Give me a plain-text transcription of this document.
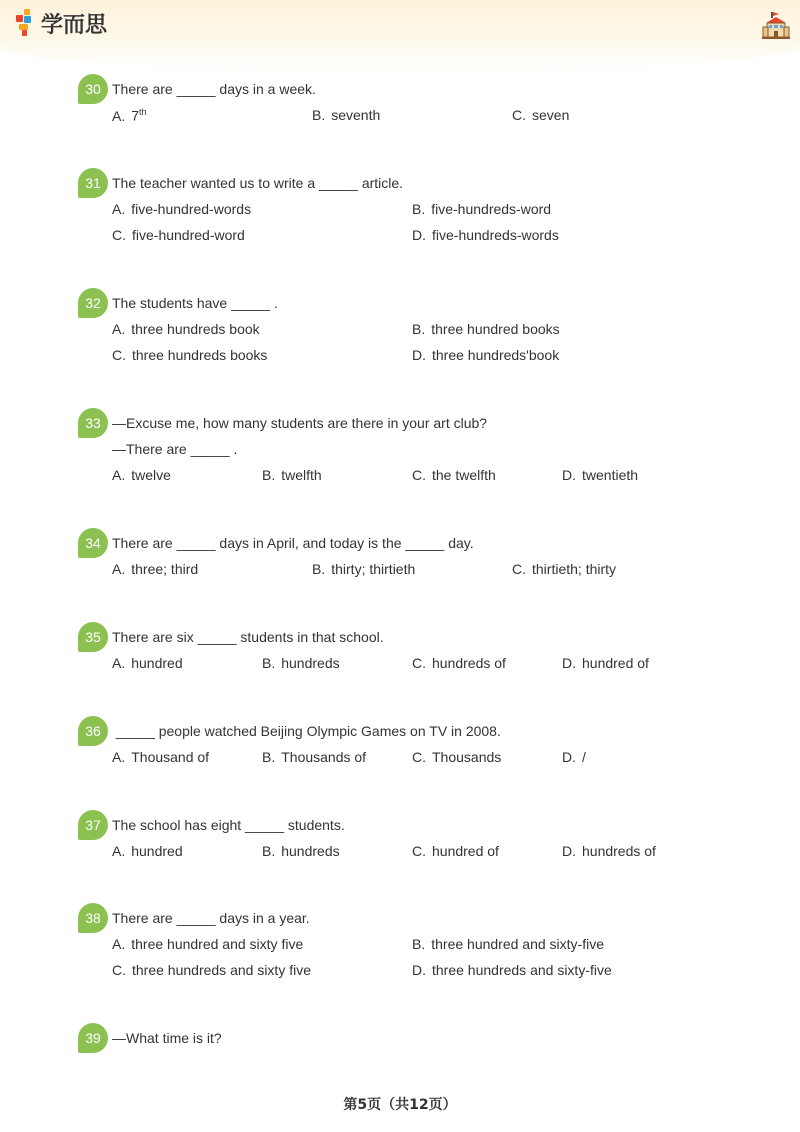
学而思
30 There are _____ days in a week.
A. 7th	B. seventh	C. seven
31 The teacher wanted us to write a _____ article.
A. five-hundred-words	B. five-hundreds-word
C. five-hundred-word	D. five-hundreds-words
32 The students have _____ .
A. three hundreds book	B. three hundred books
C. three hundreds books	D. three hundreds'book
33 —Excuse me, how many students are there in your art club?
—There are _____ .
A. twelve	B. twelfth	C. the twelfth	D. twentieth
34 There are _____ days in April, and today is the _____ day.
A. three; third	B. thirty; thirtieth	C. thirtieth; thirty
35 There are six _____ students in that school.
A. hundred	B. hundreds	C. hundreds of	D. hundred of
36 _____ people watched Beijing Olympic Games on TV in 2008.
A. Thousand of	B. Thousands of	C. Thousands	D. /
37 The school has eight _____ students.
A. hundred	B. hundreds	C. hundred of	D. hundreds of
38 There are _____ days in a year.
A. three hundred and sixty five	B. three hundred and sixty-five
C. three hundreds and sixty five	D. three hundreds and sixty-five
39 —What time is it?
第5页（共12页）
